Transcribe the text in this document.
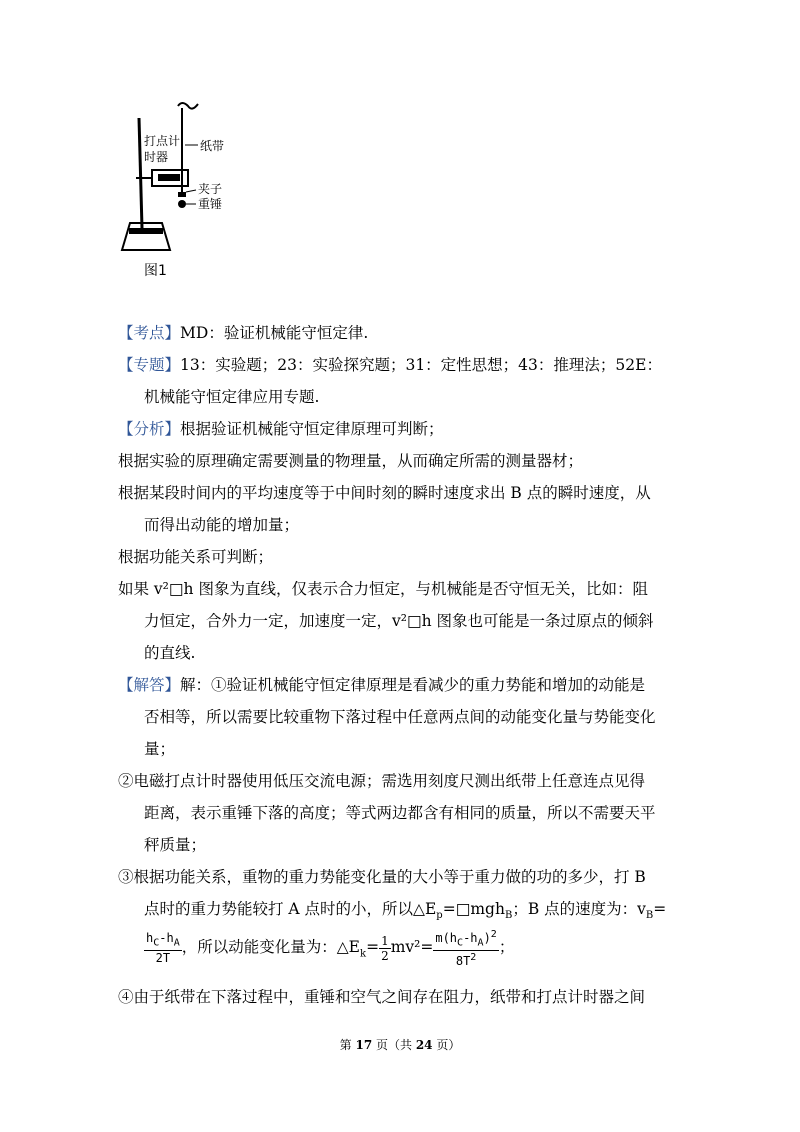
打点计
时器
纸带
夹子
重锤
图1
【考点】MD：验证机械能守恒定律.
【专题】13：实验题；23：实验探究题；31：定性思想；43：推理法；52E：
机械能守恒定律应用专题.
【分析】根据验证机械能守恒定律原理可判断；
根据实验的原理确定需要测量的物理量，从而确定所需的测量器材；
根据某段时间内的平均速度等于中间时刻的瞬时速度求出 B 点的瞬时速度，从
而得出动能的增加量；
根据功能关系可判断；
如果 v²□h 图象为直线，仅表示合力恒定，与机械能是否守恒无关，比如：阻
力恒定，合外力一定，加速度一定，v²□h 图象也可能是一条过原点的倾斜
的直线.
【解答】解：①验证机械能守恒定律原理是看减少的重力势能和增加的动能是
否相等，所以需要比较重物下落过程中任意两点间的动能变化量与势能变化
量；
②电磁打点计时器使用低压交流电源；需选用刻度尺测出纸带上任意连点见得
距离，表示重锤下落的高度；等式两边都含有相同的质量，所以不需要天平
秤质量；
③根据功能关系，重物的重力势能变化量的大小等于重力做的功的多少，打 B
点时的重力势能较打 A 点时的小，所以$\triangle E_p=□mgh_B$；B 点的速度为：$v_B=$
$\frac{h_C-h_A}{2T}$ ，所以动能变化量为：$\triangle E_k= \frac{1}{2} mv^2= \frac{m(h_C-h_A)^2}{8T^2}$ ；
④由于纸带在下落过程中，重锤和空气之间存在阻力，纸带和打点计时器之间
第 17 页（共 24 页）
